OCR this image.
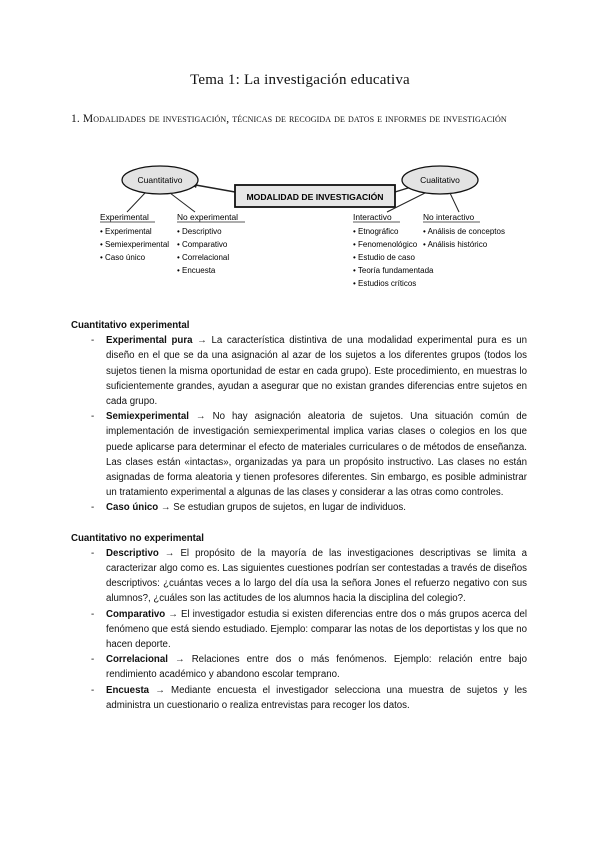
Tema 1: La investigación educativa
1. Modalidades de investigación, técnicas de recogida de datos e informes de investigación
MODALIDAD DE INVESTIGACIÓN
Cuantitativo	Cualitativo
Experimental
• Experimental
• Semiexperimental
• Caso único
No experimental
• Descriptivo
• Comparativo
• Correlacional
• Encuesta
Interactivo
• Etnográfico
• Fenomenológico
• Estudio de caso
• Teoría fundamentada
• Estudios críticos
No interactivo
• Análisis de conceptos
• Análisis histórico

Cuantitativo experimental

- Experimental pura → La característica distintiva de una modalidad experimental pura es un diseño en el que se da una asignación al azar de los sujetos a los diferentes grupos (todos los sujetos tienen la misma oportunidad de estar en cada grupo). Este procedimiento, en muestras lo suficientemente grandes, ayudan a asegurar que no existan grandes diferencias entre sujetos en cada grupo.
- Semiexperimental → No hay asignación aleatoria de sujetos. Una situación común de implementación de investigación semiexperimental implica varias clases o colegios en los que puede aplicarse para determinar el efecto de materiales curriculares o de métodos de enseñanza. Las clases están «intactas», organizadas ya para un propósito instructivo. Las clases no están asignadas de forma aleatoria y tienen profesores diferentes. Sin embargo, es posible administrar un tratamiento experimental a algunas de las clases y considerar a las otras como controles.
- Caso único → Se estudian grupos de sujetos, en lugar de individuos.

Cuantitativo no experimental

- Descriptivo → El propósito de la mayoría de las investigaciones descriptivas se limita a caracterizar algo como es. Las siguientes cuestiones podrían ser contestadas a través de diseños descriptivos: ¿cuántas veces a lo largo del día usa la señora Jones el refuerzo negativo con sus alumnos?, ¿cuáles son las actitudes de los alumnos hacia la disciplina del colegio?.
- Comparativo → El investigador estudia si existen diferencias entre dos o más grupos acerca del fenómeno que está siendo estudiado. Ejemplo: comparar las notas de los deportistas y los que no hacen deporte.
- Correlacional → Relaciones entre dos o más fenómenos. Ejemplo: relación entre bajo rendimiento académico y abandono escolar temprano.
- Encuesta → Mediante encuesta el investigador selecciona una muestra de sujetos y les administra un cuestionario o realiza entrevistas para recoger los datos.
